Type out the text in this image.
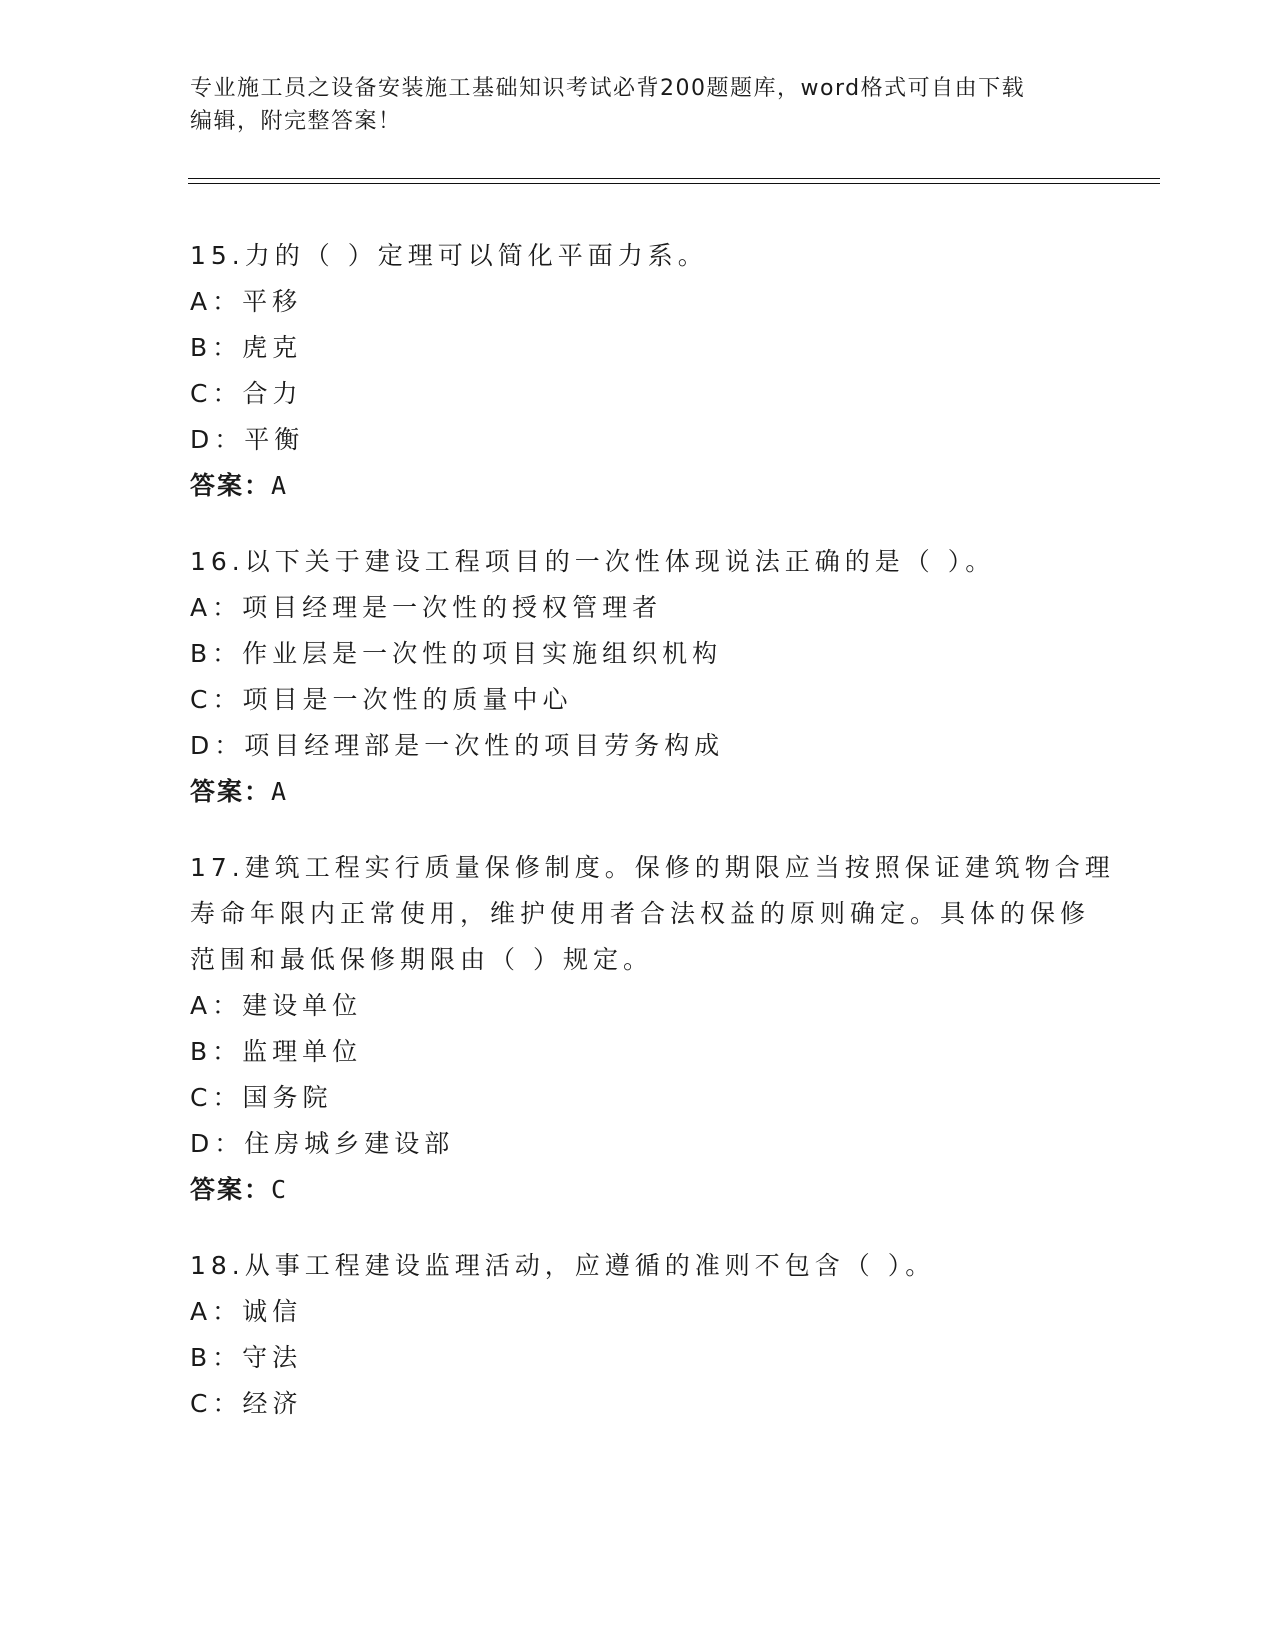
专业施工员之设备安装施工基础知识考试必背200题题库，word格式可自由下载
编辑，附完整答案！
15.力的（ ）定理可以简化平面力系。
A：平移
B：虎克
C：合力
D：平衡
答案：A
16.以下关于建设工程项目的一次性体现说法正确的是（ ）。
A：项目经理是一次性的授权管理者
B：作业层是一次性的项目实施组织机构
C：项目是一次性的质量中心
D：项目经理部是一次性的项目劳务构成
答案：A
17.建筑工程实行质量保修制度。保修的期限应当按照保证建筑物合理
寿命年限内正常使用，维护使用者合法权益的原则确定。具体的保修
范围和最低保修期限由（ ）规定。
A：建设单位
B：监理单位
C：国务院
D：住房城乡建设部
答案：C
18.从事工程建设监理活动，应遵循的准则不包含（ ）。
A：诚信
B：守法
C：经济
